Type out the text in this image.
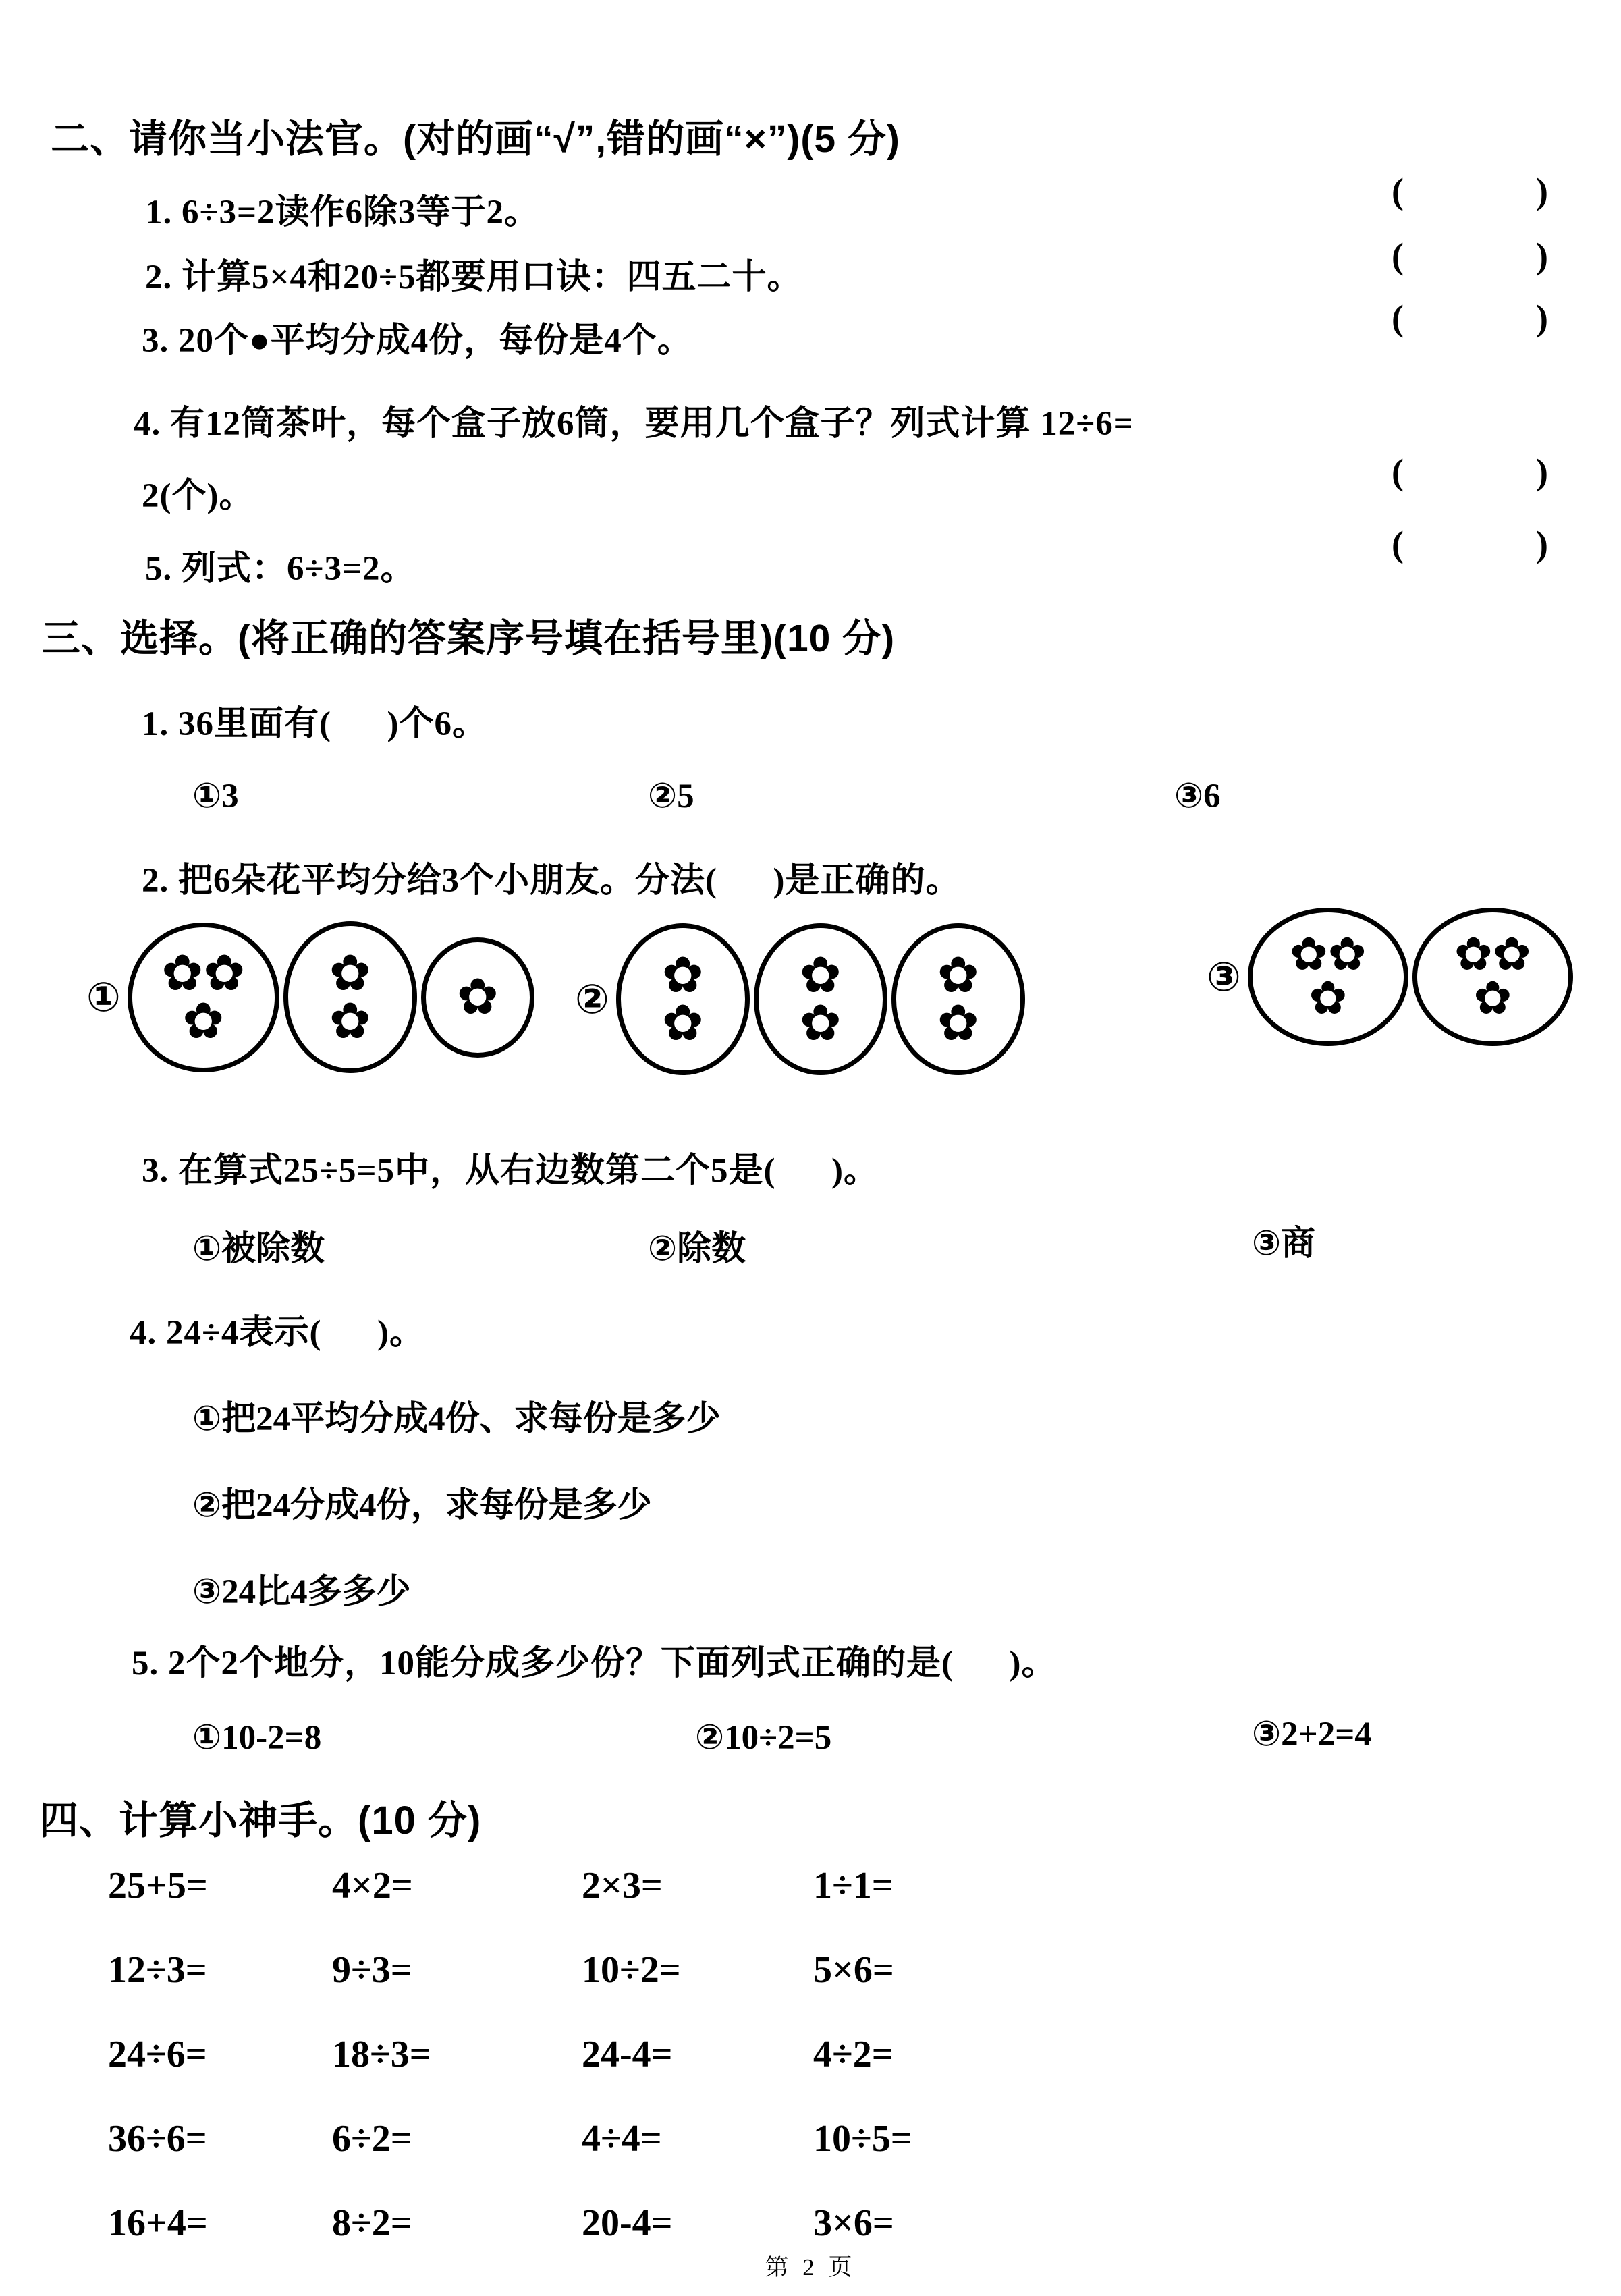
二、请你当小法官。(对的画“√”,错的画“×”)(5 分)
1. 6÷3=2读作6除3等于2。
2. 计算5×4和20÷5都要用口诀：四五二十。
3. 20个●平均分成4份，每份是4个。
4. 有12筒茶叶，每个盒子放6筒，要用几个盒子？列式计算 12÷6=
2(个)。
5. 列式：6÷3=2。
(	)
(	)
(	)
(	)
(	)
三、选择。(将正确的答案序号填在括号里)(10 分)
1. 36里面有(      )个6。
①3	②5	③6
2. 把6朵花平均分给3个小朋友。分法(      )是正确的。
① ✿✿✿
✿✿ ✿ ② ✿✿
✿✿
✿✿
③	✿✿✿
✿✿✿
3. 在算式25÷5=5中，从右边数第二个5是(      )。
①被除数	②除数	③商
4. 24÷4表示(      )。
①把24平均分成4份、求每份是多少
②把24分成4份，求每份是多少
③24比4多多少
5. 2个2个地分，10能分成多少份？下面列式正确的是(      )。
①10-2=8	②10÷2=5	③2+2=4
四、计算小神手。(10 分)
25+5=	4×2=	2×3=	1÷1=
12÷3=	9÷3=	10÷2=	5×6=
24÷6=	18÷3=	24-4=	4÷2=
36÷6=	6÷2=	4÷4=	10÷5=
16+4=	8÷2=	20-4=	3×6=
第 2 页
